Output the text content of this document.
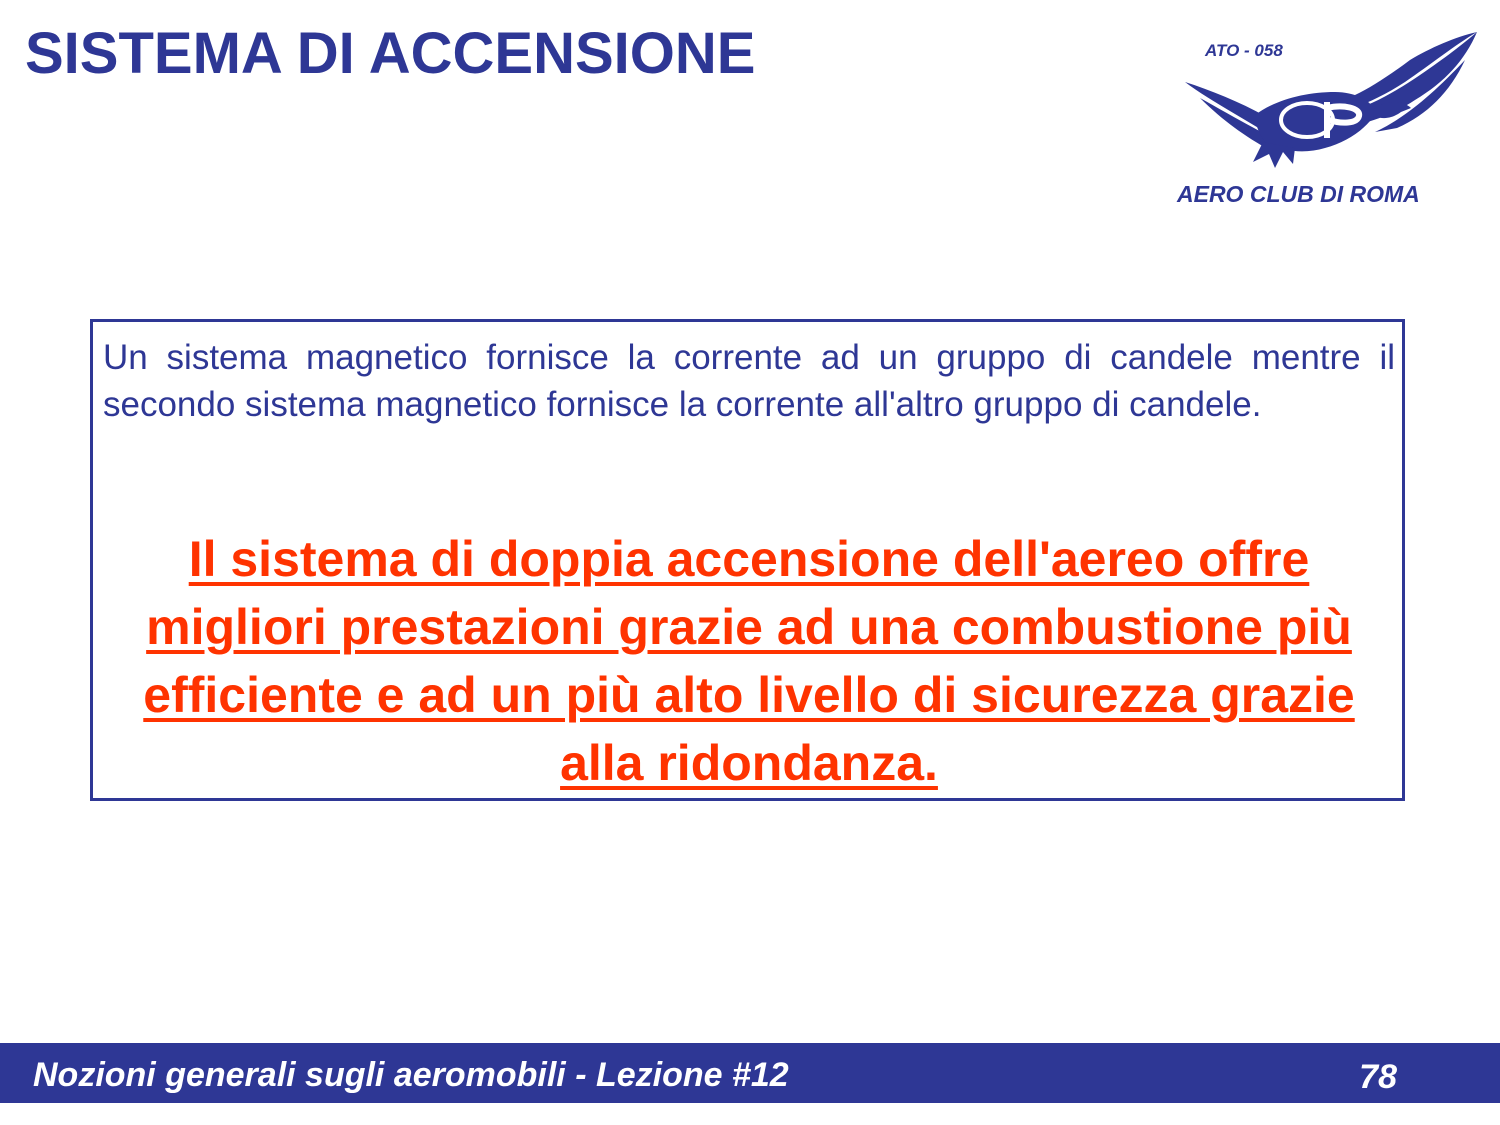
SISTEMA DI ACCENSIONE	ATO - 058
AERO CLUB DI ROMA

Un sistema magnetico fornisce la corrente ad un gruppo di candele mentre il secondo sistema magnetico fornisce la corrente all'altro gruppo di candele.

Il sistema di doppia accensione dell'aereo offre migliori prestazioni grazie ad una combustione più efficiente e ad un più alto livello di sicurezza grazie alla ridondanza.

Nozioni generali sugli aeromobili - Lezione #12	78
